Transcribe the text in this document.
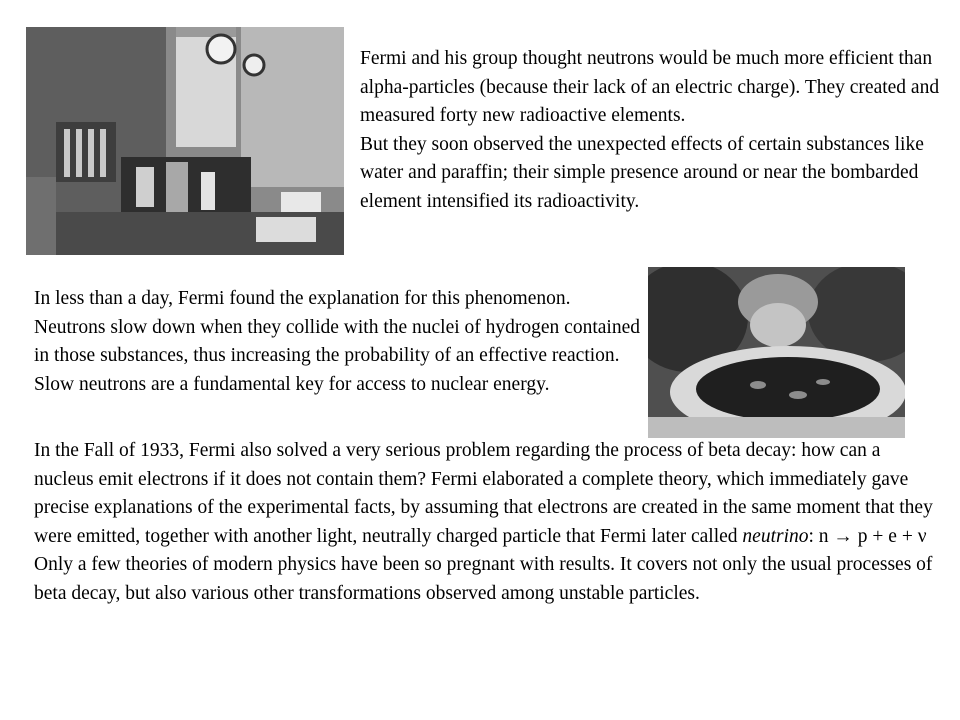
Fermi and his group thought neutrons would be much more efficient than alpha-particles (because their lack of an electric charge). They created and measured forty new radioactive elements.
But they soon observed the unexpected effects of certain substances like water and paraffin; their simple presence around or near the bombarded element intensified its radioactivity.

In less than a day, Fermi found the explanation for this phenomenon. Neutrons slow down when they collide with the nuclei of hydrogen contained in those substances, thus increasing the probability of an effective reaction. Slow neutrons are a fundamental key for access to nuclear energy.

In the Fall of 1933, Fermi also solved a very serious problem regarding the process of beta decay: how can a nucleus emit electrons if it does not contain them? Fermi elaborated a complete theory, which immediately gave precise explanations of the experimental facts, by assuming that electrons are created in the same moment that they were emitted, together with another light, neutrally charged particle that Fermi later called neutrino: n → p + e + ν
Only a few theories of modern physics have been so pregnant with results. It covers not only the usual processes of beta decay, but also various other transformations observed among unstable particles.
